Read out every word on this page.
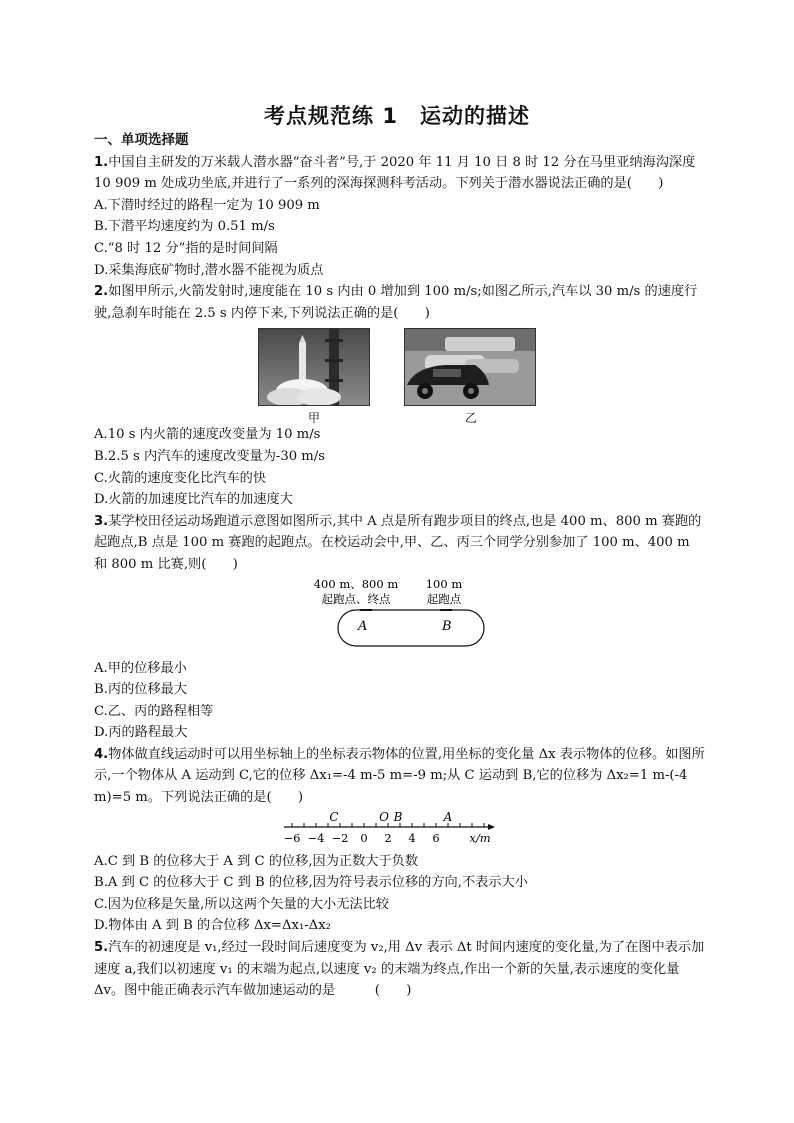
考点规范练 1 运动的描述
一、单项选择题
1.中国自主研发的万米载人潜水器“奋斗者”号,于 2020 年 11 月 10 日 8 时 12 分在马里亚纳海沟深度 10 909 m 处成功坐底,并进行了一系列的深海探测科考活动。下列关于潜水器说法正确的是(　　)
A.下潜时经过的路程一定为 10 909 m
B.下潜平均速度约为 0.51 m/s
C.“8 时 12 分”指的是时间间隔
D.采集海底矿物时,潜水器不能视为质点
2.如图甲所示,火箭发射时,速度能在 10 s 内由 0 增加到 100 m/s;如图乙所示,汽车以 30 m/s 的速度行驶,急刹车时能在 2.5 s 内停下来,下列说法正确的是(　　)
甲	乙
A.10 s 内火箭的速度改变量为 10 m/s
B.2.5 s 内汽车的速度改变量为-30 m/s
C.火箭的速度变化比汽车的快
D.火箭的加速度比汽车的加速度大
3.某学校田径运动场跑道示意图如图所示,其中 A 点是所有跑步项目的终点,也是 400 m、800 m 赛跑的起跑点,B 点是 100 m 赛跑的起跑点。在校运动会中,甲、乙、丙三个同学分别参加了 100 m、400 m 和 800 m 比赛,则(　　)
400 m、800 m
起跑点、终点
100 m
起跑点
A	B
A.甲的位移最小
B.丙的位移最大
C.乙、丙的路程相等
D.丙的路程最大
4.物体做直线运动时可以用坐标轴上的坐标表示物体的位置,用坐标的变化量 Δx 表示物体的位移。如图所示,一个物体从 A 运动到 C,它的位移 Δx₁=-4 m-5 m=-9 m;从 C 运动到 B,它的位移为 Δx₂=1 m-(-4 m)=5 m。下列说法正确的是(　　)
C	O B	A
−6 −4 −2 0 2 4 6	x/m
A.C 到 B 的位移大于 A 到 C 的位移,因为正数大于负数
B.A 到 C 的位移大于 C 到 B 的位移,因为符号表示位移的方向,不表示大小
C.因为位移是矢量,所以这两个矢量的大小无法比较
D.物体由 A 到 B 的合位移 Δx=Δx₁-Δx₂
5.汽车的初速度是 v₁,经过一段时间后速度变为 v₂,用 Δv 表示 Δt 时间内速度的变化量,为了在图中表示加速度 a,我们以初速度 v₁ 的末端为起点,以速度 v₂ 的末端为终点,作出一个新的矢量,表示速度的变化量 Δv。图中能正确表示汽车做加速运动的是　　　(　　)
